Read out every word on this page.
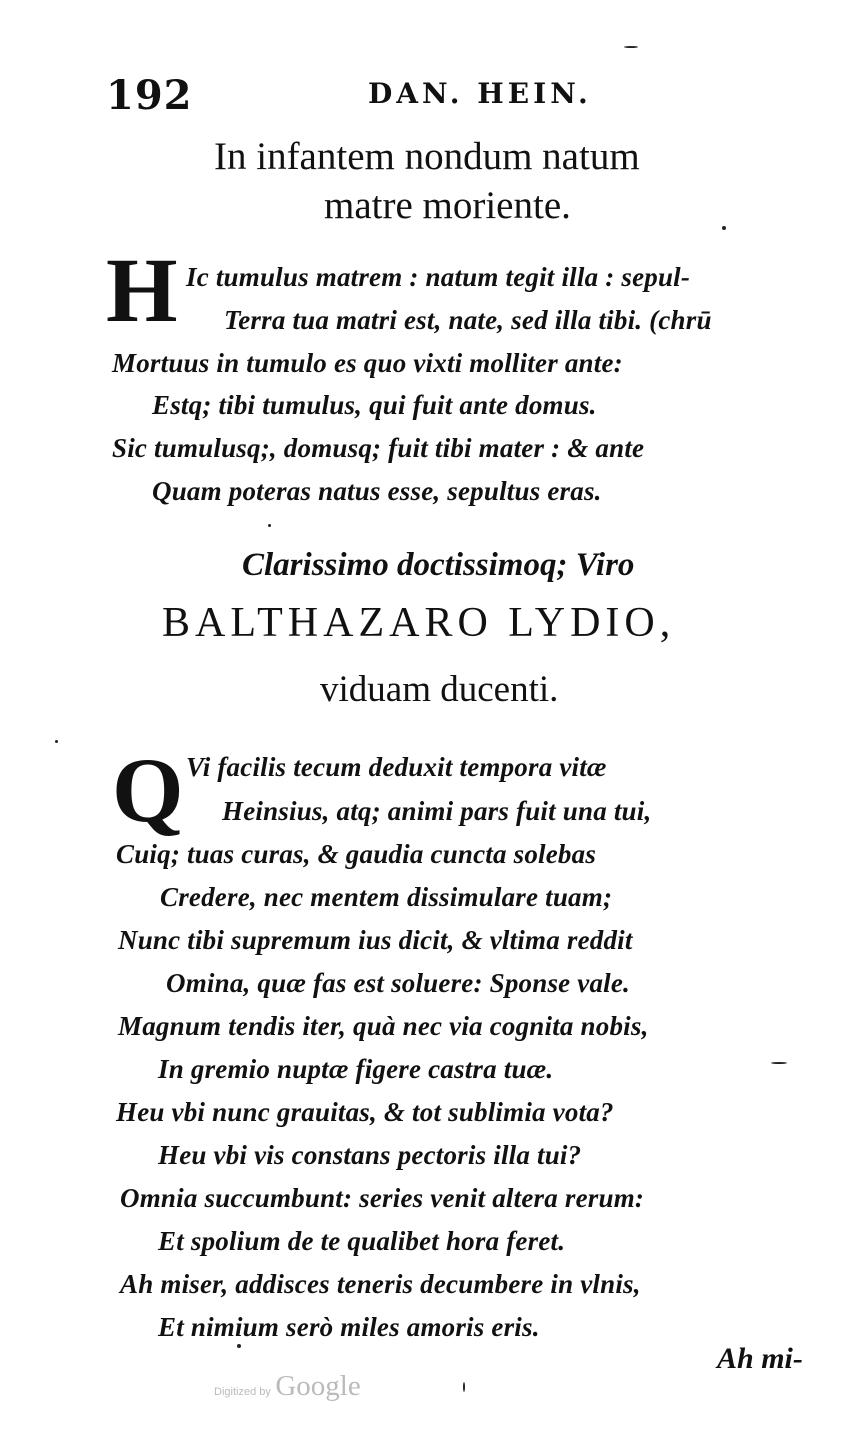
192	DAN. HEIN.
In infantem nondum natum
matre moriente.
H Ic tumulus matrem : natum tegit illa : sepul-
Terra tua matri est, nate, sed illa tibi. (chrū
Mortuus in tumulo es quo vixti molliter ante:
Estq; tibi tumulus, qui fuit ante domus.
Sic tumulusq;, domusq; fuit tibi mater : & ante
Quam poteras natus esse, sepultus eras.
Clarissimo doctissimoq; Viro
BALTHAZARO LYDIO,
viduam ducenti.
Q Vi facilis tecum deduxit tempora vitæ
Heinsius, atq; animi pars fuit una tui,
Cuiq; tuas curas, & gaudia cuncta solebas
Credere, nec mentem dissimulare tuam;
Nunc tibi supremum ius dicit, & vltima reddit
Omina, quæ fas est soluere: Sponse vale.
Magnum tendis iter, quà nec via cognita nobis,
In gremio nuptæ figere castra tuæ.
Heu vbi nunc grauitas, & tot sublimia vota?
Heu vbi vis constans pectoris illa tui?
Omnia succumbunt: series venit altera rerum:
Et spolium de te qualibet hora feret.
Ah miser, addisces teneris decumbere in vlnis,
Et nimium serò miles amoris eris.
Ah mi-
Digitized by Google
